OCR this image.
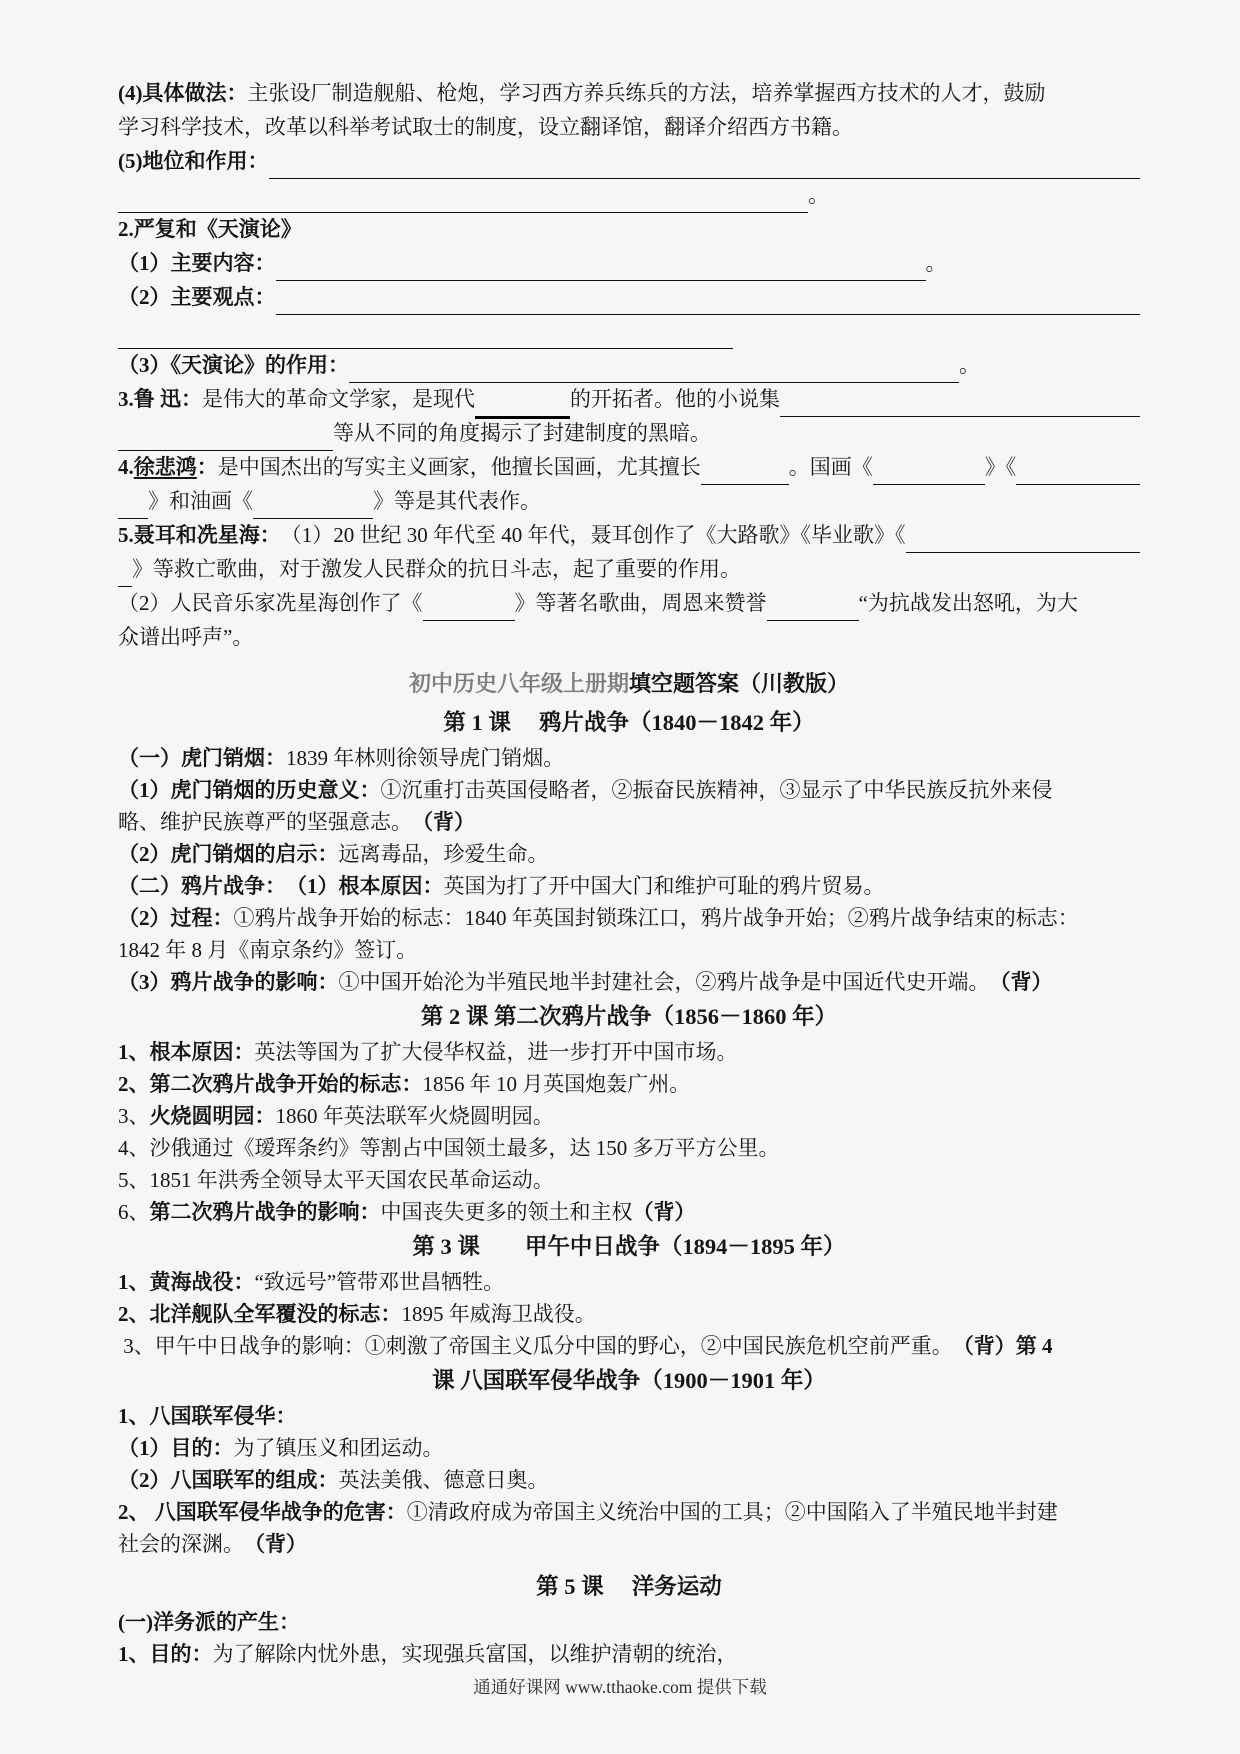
(4)具体做法： 主张设厂制造舰船、枪炮，学习西方养兵练兵的方法，培养掌握西方技术的人才，鼓励
学习科学技术，改革以科举考试取士的制度，设立翻译馆，翻译介绍西方书籍。
(5)地位和作用：

。
2.严复和《天演论》
（1）主要内容：
	。
（2）主要观点：

（3）《天演论》的作用：
	。
3.鲁 迅： 是伟大的革命文学家，是现代
	的开拓者。他的小说集

等从不同的角度揭示了封建制度的黑暗。
4. 徐悲鸿 ： 是中国杰出的写实主义画家，他擅长国画，尤其擅长
	。国画《
	》《

》和油画《
	》等是其代表作。
5.聂耳和冼星海： （1）20 世纪 30 年代至 40 年代，聂耳创作了《大路歌》《毕业歌》《

》等救亡歌曲，对于激发人民群众的抗日斗志，起了重要的作用。
（2）人民音乐家冼星海创作了《
	》等著名歌曲，周恩来赞誉
	“为抗战发出怒吼，为大
众谱出呼声”。
初中历史八年级上册期 填空题答案（川教版）
第 1 课　 鸦片战争（1840－1842 年）
（一）虎门销烟： 1839 年林则徐领导虎门销烟。
（1）虎门销烟的历史意义： ①沉重打击英国侵略者，②振奋民族精神，③显示了中华民族反抗外来侵
略、维护民族尊严的坚强意志。 （背）
（2）虎门销烟的启示： 远离毒品，珍爱生命。
（二）鸦片战争： （1）根本原因： 英国为打了开中国大门和维护可耻的鸦片贸易。
（2）过程： ①鸦片战争开始的标志：1840 年英国封锁珠江口，鸦片战争开始；②鸦片战争结束的标志：
1842 年 8 月《南京条约》签订。
（3）鸦片战争的影响： ①中国开始沦为半殖民地半封建社会，②鸦片战争是中国近代史开端。 （背）
第 2 课 第二次鸦片战争（1856－1860 年）
1、根本原因： 英法等国为了扩大侵华权益，进一步打开中国市场。
2、第二次鸦片战争开始的标志： 1856 年 10 月英国炮轰广州。
3、 火烧圆明园： 1860 年英法联军火烧圆明园。
4、沙俄通过《瑷珲条约》等割占中国领土最多，达 150 多万平方公里。
5、1851 年洪秀全领导太平天国农民革命运动。
6、 第二次鸦片战争的影响： 中国丧失更多的领土和主权 （背）
第 3 课　　甲午中日战争（1894－1895 年）
1、黄海战役： “致远号”管带邓世昌牺牲。
2、北洋舰队全军覆没的标志： 1895 年威海卫战役。
3、甲午中日战争的影响： ①刺激了帝国主义瓜分中国的野心，②中国民族危机空前严重。 （背）第 4
课 八国联军侵华战争（1900－1901 年）
1、八国联军侵华：
（1）目的： 为了镇压义和团运动。
（2）八国联军的组成： 英法美俄、德意日奥。
2、 八国联军侵华战争的危害： ①清政府成为帝国主义统治中国的工具；②中国陷入了半殖民地半封建
社会的深渊。 （背）
第 5 课　 洋务运动
(一)洋务派的产生：
1、目的： 为了解除内忧外患，实现强兵富国，以维护清朝的统治，
通通好课网 www.tthaoke.com 提供下载
